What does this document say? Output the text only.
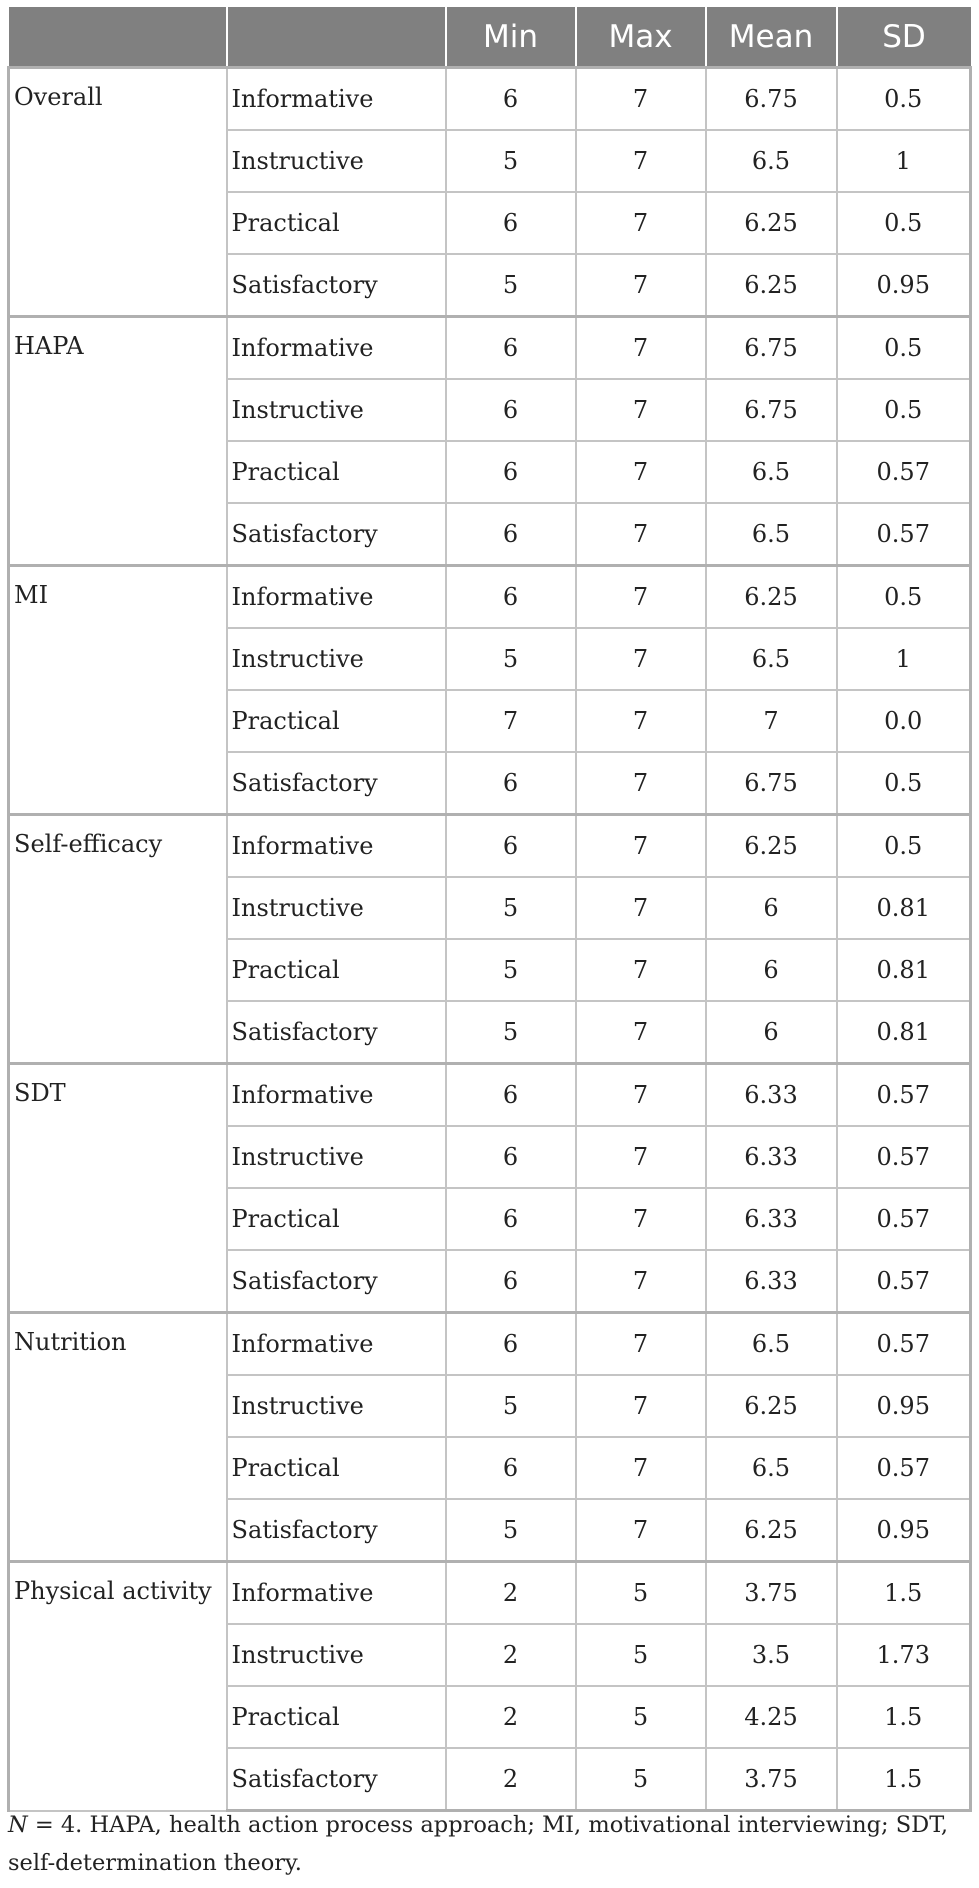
		Min	Max	Mean	SD
Overall	Informative	6	7	6.75	0.5
	Instructive	5	7	6.5	1
	Practical	6	7	6.25	0.5
	Satisfactory	5	7	6.25	0.95
HAPA	Informative	6	7	6.75	0.5
	Instructive	6	7	6.75	0.5
	Practical	6	7	6.5	0.57
	Satisfactory	6	7	6.5	0.57
MI	Informative	6	7	6.25	0.5
	Instructive	5	7	6.5	1
	Practical	7	7	7	0.0
	Satisfactory	6	7	6.75	0.5
Self-efficacy	Informative	6	7	6.25	0.5
	Instructive	5	7	6	0.81
	Practical	5	7	6	0.81
	Satisfactory	5	7	6	0.81
SDT	Informative	6	7	6.33	0.57
	Instructive	6	7	6.33	0.57
	Practical	6	7	6.33	0.57
	Satisfactory	6	7	6.33	0.57
Nutrition	Informative	6	7	6.5	0.57
	Instructive	5	7	6.25	0.95
	Practical	6	7	6.5	0.57
	Satisfactory	5	7	6.25	0.95
Physical activity	Informative	2	5	3.75	1.5
	Instructive	2	5	3.5	1.73
	Practical	2	5	4.25	1.5
	Satisfactory	2	5	3.75	1.5
N = 4. HAPA, health action process approach; MI, motivational interviewing; SDT, self-determination theory.
